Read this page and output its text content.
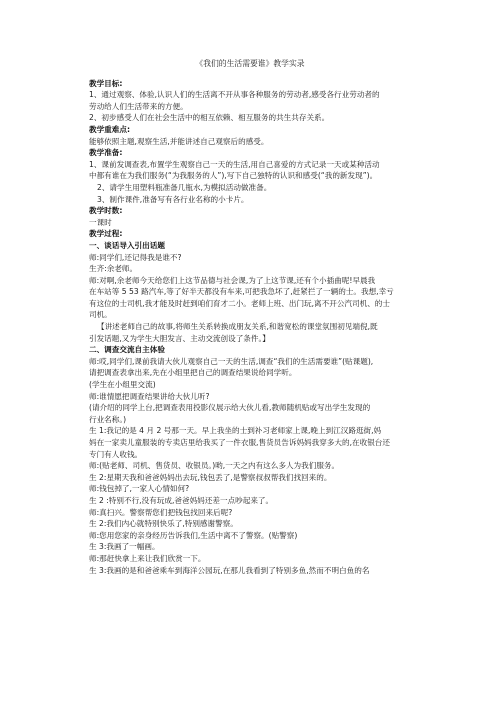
《我们的生活需要谁》教学实录
教学目标:
1、通过观察、体验,认识人们的生活离不开从事各种服务的劳动者,感受各行业劳动者的
劳动给人们生活带来的方便。
2、初步感受人们在社会生活中的相互依赖、相互服务的共生共存关系。
教学重难点:
能够依照主题,观察生活,并能讲述自己观察后的感受。
教学准备:
1、课前发调查表,布置学生观察自己一天的生活,用自己喜爱的方式记录一天或某种活动
中都有谁在为我们服务(“为我服务的人”),写下自己独特的认识和感受(“我的新发现”)。
2、请学生用塑料瓶准备几瓶水,为模拟活动做准备。
3、制作课件,准备写有各行业名称的小卡片。
教学时数:
一课时
教学过程:
一、谈话导入引出话题
师:同学们,还记得我是谁不?
生齐:余老师。
师:对啊,余老师今天给您们上这节品德与社会课,为了上这节课,还有个小插曲呢!早晨我
在车站等 5 53 路汽车,等了好半天都没有车来,可把我急坏了,赶紧拦了一辆的士。我想,幸亏
有这位的士司机,我才能及时赶到咱们育才二小。老师上班、出门玩,离不开公汽司机、的士
司机。
【讲述老师自己的故事,将师生关系转换成朋友关系,和谐宽松的课堂氛围初见端倪,既
引发话题,又为学生大胆发言、主动交流创设了条件。】
二、调查交流自主体验
师:哎,同学们,课前我请大伙儿观察自己一天的生活,调查“我们的生活需要谁”(贴课题),
请把调查表拿出来,先在小组里把自己的调查结果说给同学听。
(学生在小组里交流)
师:谁情愿把调查结果讲给大伙儿听?
(请介绍的同学上台,把调查表用投影仪展示给大伙儿看,教师随机贴或写出学生发现的
行业名称。)
生 1:我记的是 4 月 2 号那一天。早上我坐的士到补习老师家上课,晚上到江汉路逛街,妈
妈在一家卖儿童服装的专卖店里给我买了一件衣服,售货员告诉妈妈我穿多大的,在收银台还
专门有人收钱。
师:(贴老师、司机、售货员、收银员。)哟,一天之内有这么多人为我们服务。
生 2:星期天我和爸爸妈妈出去玩,钱包丢了,是警察叔叔帮我们找回来的。
师:钱包掉了,一家人心情如何?
生 2 :特别不行,没有玩成,爸爸妈妈还差一点吵起来了。
师:真扫兴。警察帮您们把钱包找回来后呢?
生 2:我们内心就特别快乐了,特别感谢警察。
师:您用您家的亲身经历告诉我们,生活中离不了警察。(贴警察)
生 3:我画了一幅画。
师:那赶快拿上来让我们欣赏一下。
生 3:我画的是和爸爸乘车到海洋公园玩,在那儿我看到了特别多鱼,然而不明白鱼的名
